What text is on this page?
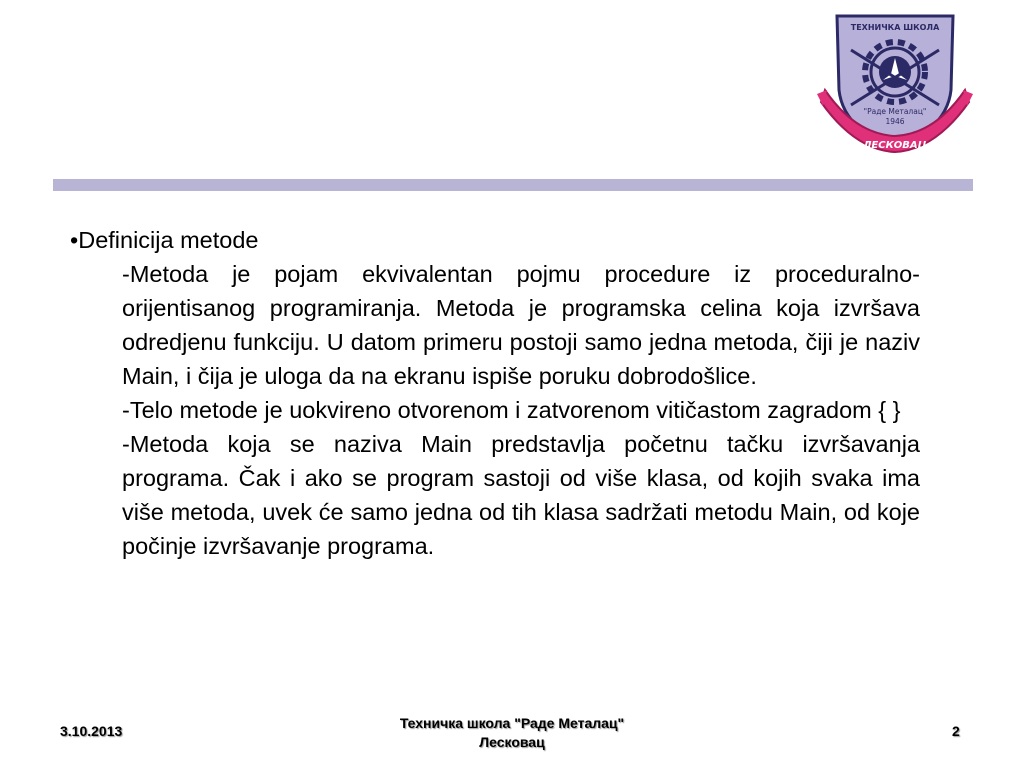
ТЕХНИЧКА ШКОЛА
"Раде Металац"
1946
ЛЕСКОВАЦ

•Definicija metode

-Metoda je pojam ekvivalentan pojmu procedure iz proceduralno-orijentisanog programiranja. Metoda je programska celina koja izvršava odredjenu funkciju. U datom primeru postoji samo jedna metoda, čiji je naziv Main, i čija je uloga da na ekranu ispiše poruku dobrodošlice.

-Telo metode je uokvireno otvorenom i zatvorenom vitičastom zagradom { }

-Metoda koja se naziva Main predstavlja početnu tačku izvršavanja programa. Čak i ako se program sastoji od više klasa, od kojih svaka ima više metoda, uvek će samo jedna od tih klasa sadržati metodu Main, od koje počinje izvršavanje programa.

3.10.2013	Техничка школа "Раде Металац"
Лесковац
2
